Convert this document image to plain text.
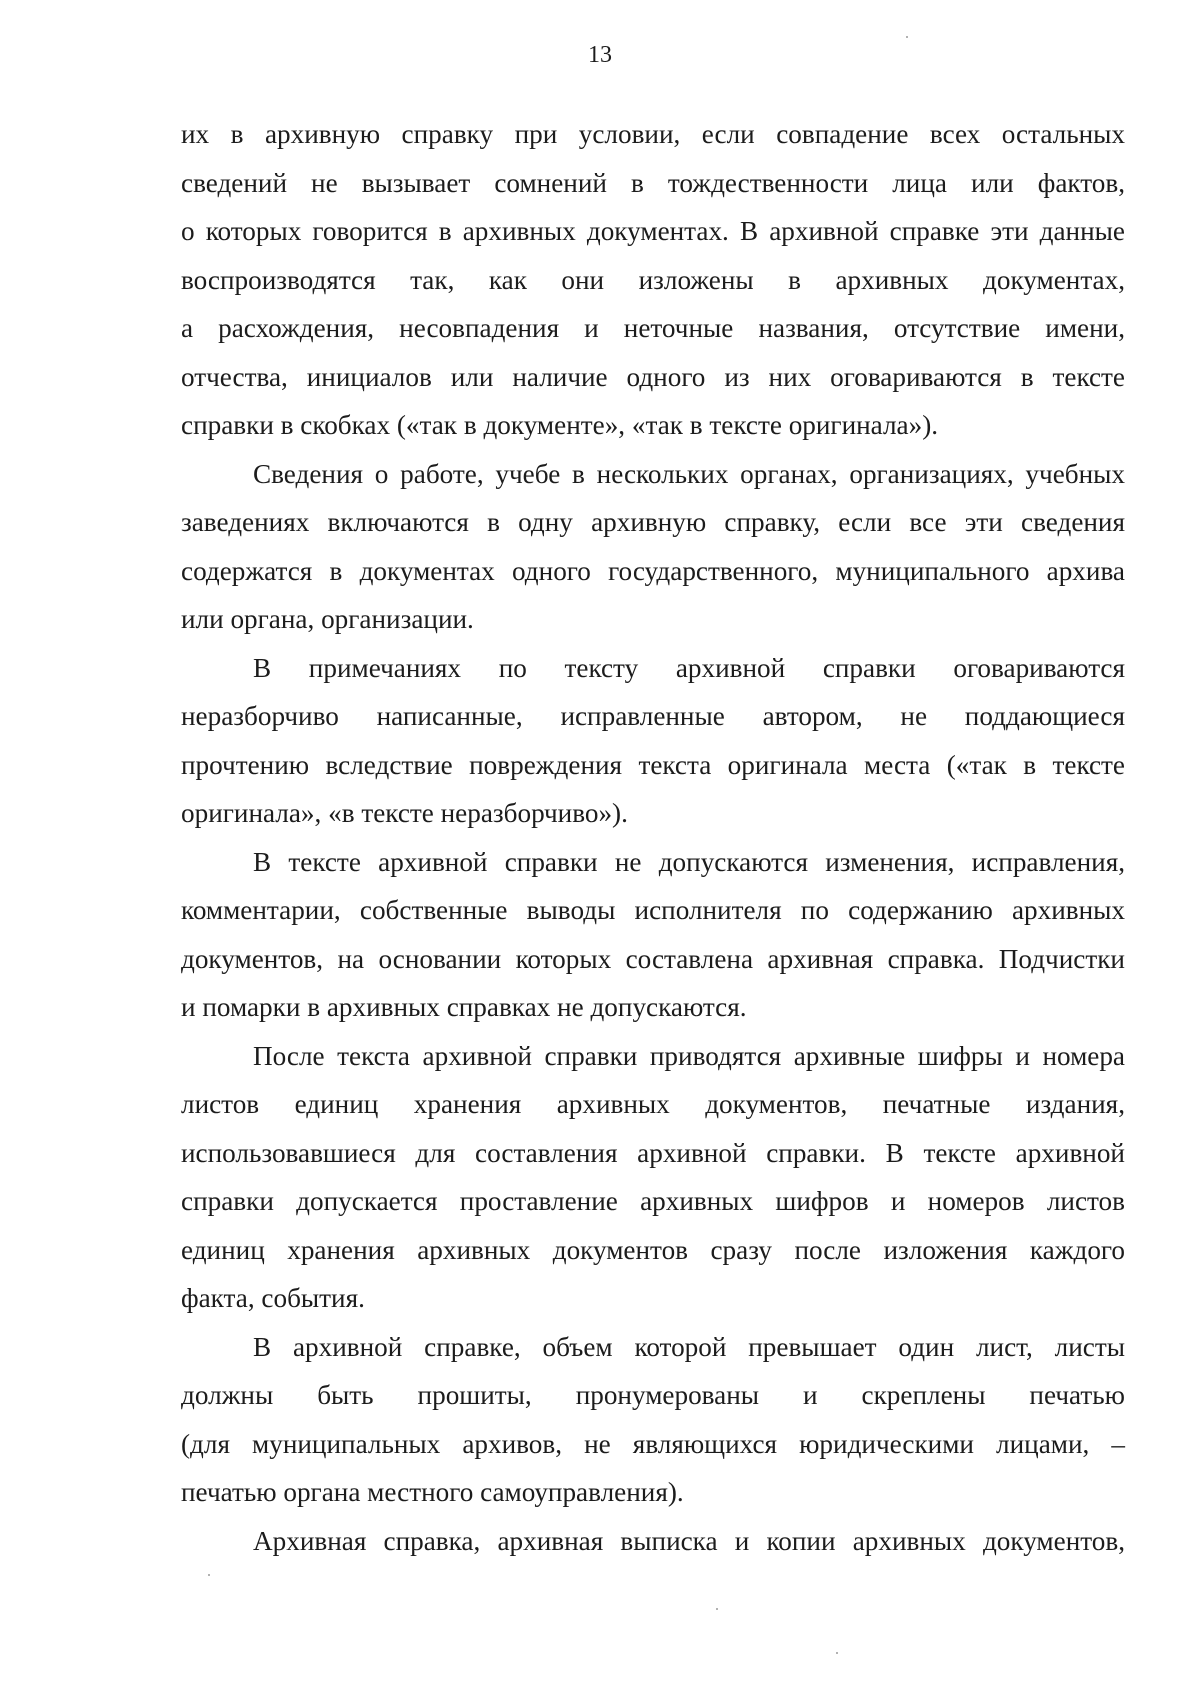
13

их в архивную справку при условии, если совпадение всех остальных
сведений не вызывает сомнений в тождественности лица или фактов,
о которых говорится в архивных документах. В архивной справке эти данные
воспроизводятся так, как они изложены в архивных документах,
а расхождения, несовпадения и неточные названия, отсутствие имени,
отчества, инициалов или наличие одного из них оговариваются в тексте

справки в скобках («так в документе», «так в тексте оригинала»).

Сведения о работе, учебе в нескольких органах, организациях, учебных
заведениях включаются в одну архивную справку, если все эти сведения
содержатся в документах одного государственного, муниципального архива

или органа, организации.

В примечаниях по тексту архивной справки оговариваются
неразборчиво написанные, исправленные автором, не поддающиеся
прочтению вследствие повреждения текста оригинала места («так в тексте

оригинала», «в тексте неразборчиво»).

В тексте архивной справки не допускаются изменения, исправления,
комментарии, собственные выводы исполнителя по содержанию архивных
документов, на основании которых составлена архивная справка. Подчистки

и помарки в архивных справках не допускаются.

После текста архивной справки приводятся архивные шифры и номера
листов единиц хранения архивных документов, печатные издания,
использовавшиеся для составления архивной справки. В тексте архивной
справки допускается проставление архивных шифров и номеров листов
единиц хранения архивных документов сразу после изложения каждого

факта, события.

В архивной справке, объем которой превышает один лист, листы
должны быть прошиты, пронумерованы и скреплены печатью
(для муниципальных архивов, не являющихся юридическими лицами, –

печатью органа местного самоуправления).

Архивная справка, архивная выписка и копии архивных документов,
